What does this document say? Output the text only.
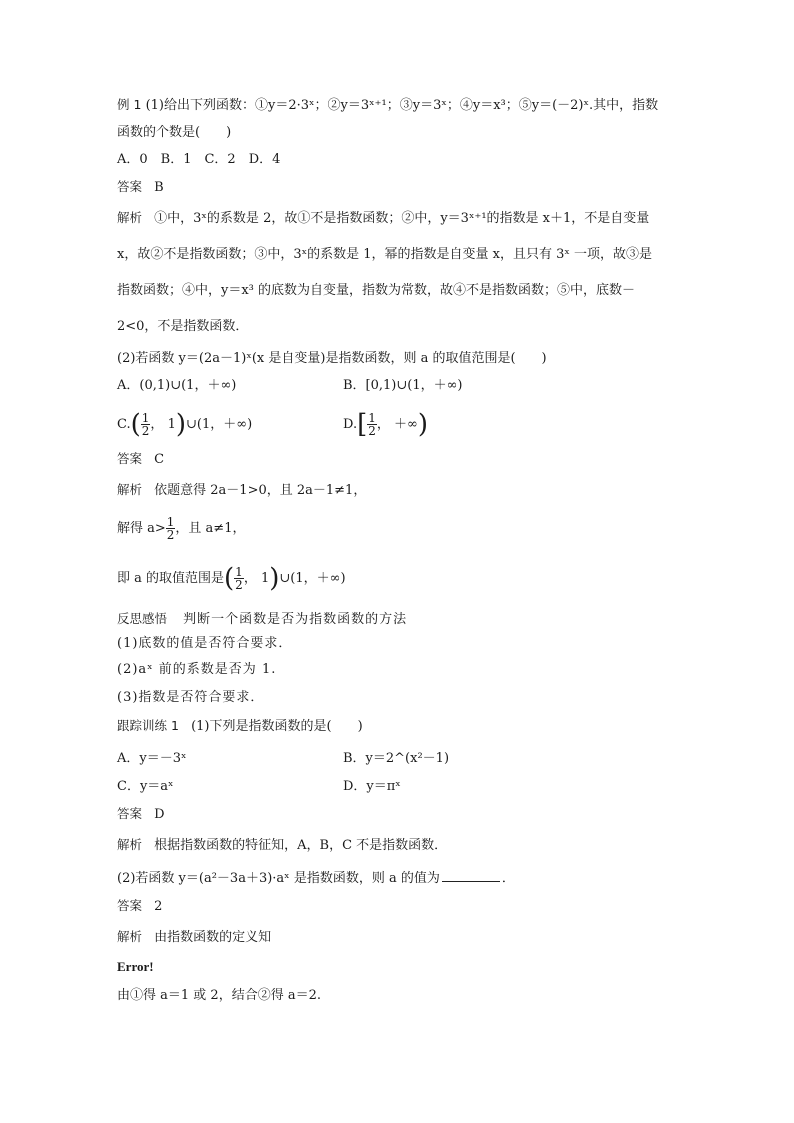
例 1 (1)给出下列函数：①y＝2·3ˣ；②y＝3ˣ⁺¹；③y＝3ˣ；④y＝x³；⑤y＝(－2)ˣ.其中，指数
函数的个数是(　　)
A．0　B．1　C．2　D．4
答案 B
解析 ①中，3ˣ的系数是 2，故①不是指数函数；②中，y＝3ˣ⁺¹的指数是 x＋1，不是自变量
x，故②不是指数函数；③中，3ˣ的系数是 1，幂的指数是自变量 x，且只有 3ˣ 一项，故③是
指数函数；④中，y＝x³ 的底数为自变量，指数为常数，故④不是指数函数；⑤中，底数－
2<0，不是指数函数．
(2)若函数 y＝(2a－1)ˣ(x 是自变量)是指数函数，则 a 的取值范围是(　　)
A．(0,1)∪(1，＋∞)	B．[0,1)∪(1，＋∞)
$C.( \frac{1}{2}$ ， 1)∪(1，＋∞)	$D.[ \frac{1}{2}$ ， ＋∞)
答案 C
解析 依题意得 2a－1>0，且 2a－1≠1，
解得 $a> \frac{1}{2}$ ，且 a≠1，
即 a 的取值范围是( $\frac{1}{2}$ ， 1)∪(1，＋∞)
反思感悟 判断一个函数是否为指数函数的方法
(1)底数的值是否符合要求．
(2)aˣ 前的系数是否为 1.
(3)指数是否符合要求．
跟踪训练 1 (1)下列是指数函数的是(　　)
A．y＝－3ˣ	B．y＝2^(x²－1)
C．y＝aˣ	D．y＝πˣ
答案 D
解析 根据指数函数的特征知，A，B，C 不是指数函数．
(2)若函数 y＝(a²－3a＋3)·aˣ 是指数函数，则 a 的值为	．
答案 2
解析 由指数函数的定义知
Error!
由①得 a＝1 或 2，结合②得 a＝2.
